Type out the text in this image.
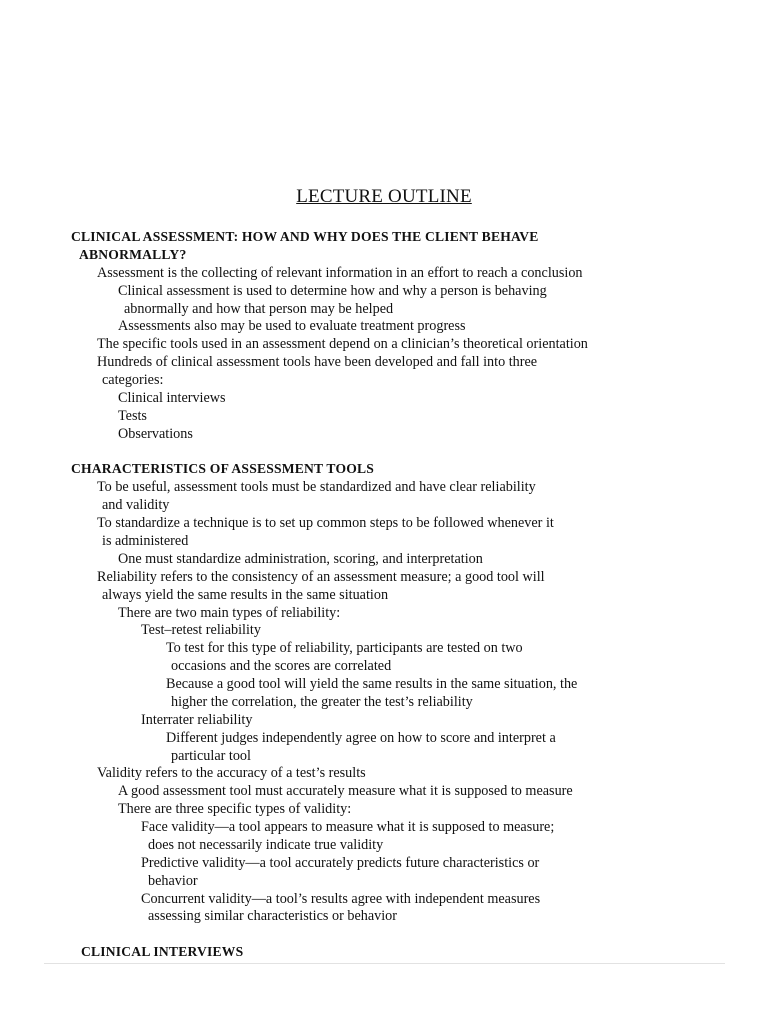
LECTURE OUTLINE
CLINICAL ASSESSMENT: HOW AND WHY DOES THE CLIENT BEHAVE
ABNORMALLY?
Assessment is the collecting of relevant information in an effort to reach a conclusion
Clinical assessment is used to determine how and why a person is behaving
abnormally and how that person may be helped
Assessments also may be used to evaluate treatment progress
The specific tools used in an assessment depend on a clinician’s theoretical orientation
Hundreds of clinical assessment tools have been developed and fall into three
categories:
Clinical interviews
Tests
Observations
CHARACTERISTICS OF ASSESSMENT TOOLS
To be useful, assessment tools must be standardized and have clear reliability
and validity
To standardize a technique is to set up common steps to be followed whenever it
is administered
One must standardize administration, scoring, and interpretation
Reliability refers to the consistency of an assessment measure; a good tool will
always yield the same results in the same situation
There are two main types of reliability:
Test–retest reliability
To test for this type of reliability, participants are tested on two
occasions and the scores are correlated
Because a good tool will yield the same results in the same situation, the
higher the correlation, the greater the test’s reliability
Interrater reliability
Different judges independently agree on how to score and interpret a
particular tool
Validity refers to the accuracy of a test’s results
A good assessment tool must accurately measure what it is supposed to measure
There are three specific types of validity:
Face validity—a tool appears to measure what it is supposed to measure;
does not necessarily indicate true validity
Predictive validity—a tool accurately predicts future characteristics or
behavior
Concurrent validity—a tool’s results agree with independent measures
assessing similar characteristics or behavior
CLINICAL INTERVIEWS
